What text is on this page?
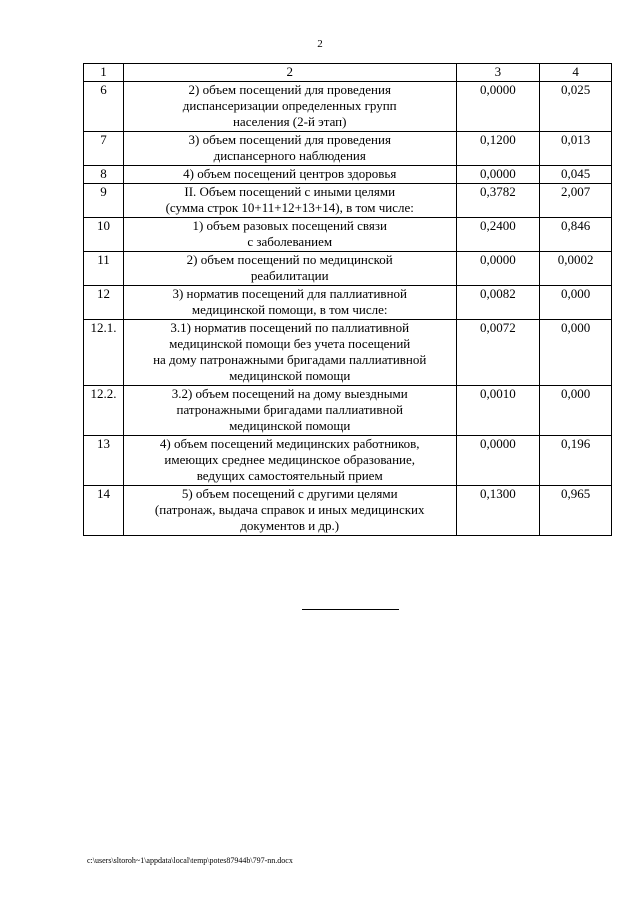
2
1	2	3	4
6	2) объем посещений для проведения
диспансеризации определенных групп
населения (2-й этап)	0,0000	0,025
7	3) объем посещений для проведения
диспансерного наблюдения	0,1200	0,013
8	4) объем посещений центров здоровья	0,0000	0,045
9	II. Объем посещений с иными целями
(сумма строк 10+11+12+13+14), в том числе:	0,3782	2,007
10	1) объем разовых посещений связи
с заболеванием	0,2400	0,846
11	2) объем посещений по медицинской
реабилитации	0,0000	0,0002
12	3) норматив посещений для паллиативной
медицинской помощи, в том числе:	0,0082	0,000
12.1.	3.1) норматив посещений по паллиативной
медицинской помощи без учета посещений
на дому патронажными бригадами паллиативной
медицинской помощи	0,0072	0,000
12.2.	3.2) объем посещений на дому выездными
патронажными бригадами паллиативной
медицинской помощи	0,0010	0,000
13	4) объем посещений медицинских работников,
имеющих среднее медицинское образование,
ведущих самостоятельный прием	0,0000	0,196
14	5) объем посещений с другими целями
(патронаж, выдача справок и иных медицинских
документов и др.)	0,1300	0,965
c:\users\sltoroh~1\appdata\local\temp\potes87944b\797-nn.docx
